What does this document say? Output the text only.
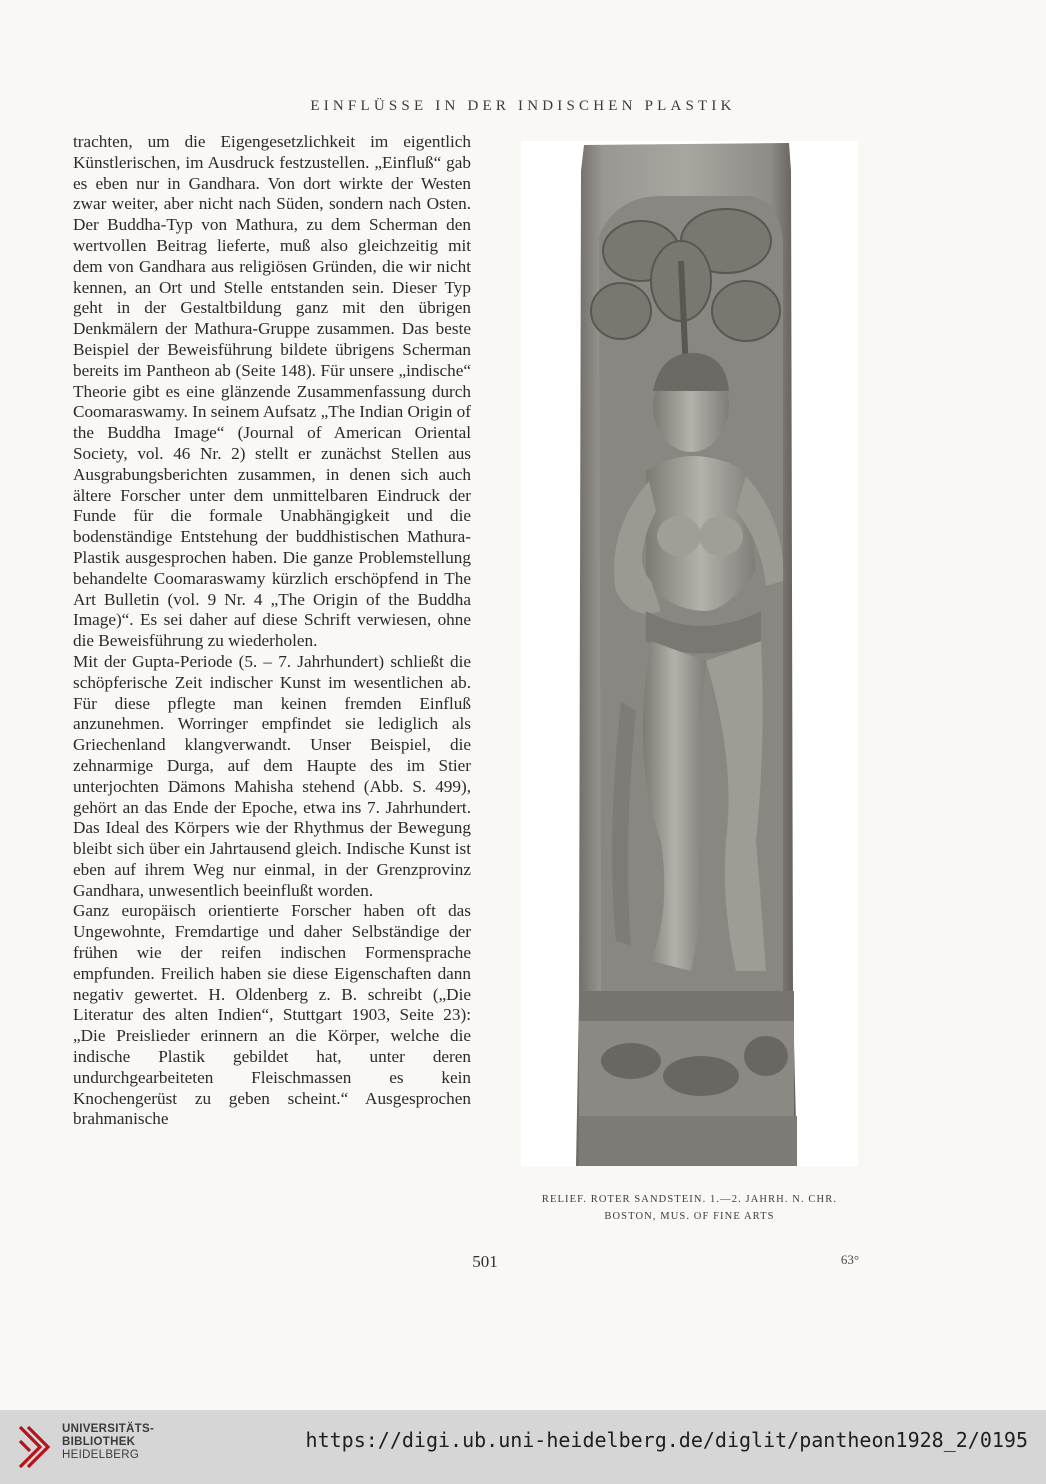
EINFLÜSSE IN DER INDISCHEN PLASTIK

trachten, um die Eigengesetzlichkeit im eigentlich Künstlerischen, im Ausdruck festzustellen. „Einfluß“ gab es eben nur in Gandhara. Von dort wirkte der Westen zwar weiter, aber nicht nach Süden, sondern nach Osten. Der Buddha-Typ von Mathura, zu dem Scherman den wertvollen Beitrag lieferte, muß also gleichzeitig mit dem von Gandhara aus religiösen Gründen, die wir nicht kennen, an Ort und Stelle entstanden sein. Dieser Typ geht in der Gestaltbildung ganz mit den übrigen Denkmälern der Mathura-Gruppe zusammen. Das beste Beispiel der Beweisführung bildete übrigens Scherman bereits im Pantheon ab (Seite 148). Für unsere „indische“ Theorie gibt es eine glänzende Zusammenfassung durch Coomaraswamy. In seinem Aufsatz „The Indian Origin of the Buddha Image“ (Journal of American Oriental Society, vol. 46 Nr. 2) stellt er zunächst Stellen aus Ausgrabungsberichten zusammen, in denen sich auch ältere Forscher unter dem unmittelbaren Eindruck der Funde für die formale Unabhängigkeit und die bodenständige Entstehung der buddhistischen Mathura-Plastik ausgesprochen haben. Die ganze Problemstellung behandelte Coomaraswamy kürzlich erschöpfend in The Art Bulletin (vol. 9 Nr. 4 „The Origin of the Buddha Image)“. Es sei daher auf diese Schrift verwiesen, ohne die Beweisführung zu wiederholen.

Mit der Gupta-Periode (5. – 7. Jahrhundert) schließt die schöpferische Zeit indischer Kunst im wesentlichen ab. Für diese pflegte man keinen fremden Einfluß anzunehmen. Worringer empfindet sie lediglich als Griechenland klangverwandt. Unser Beispiel, die zehnarmige Durga, auf dem Haupte des im Stier unterjochten Dämons Mahisha stehend (Abb. S. 499), gehört an das Ende der Epoche, etwa ins 7. Jahrhundert. Das Ideal des Körpers wie der Rhythmus der Bewegung bleibt sich über ein Jahrtausend gleich. Indische Kunst ist eben auf ihrem Weg nur einmal, in der Grenzprovinz Gandhara, unwesentlich beeinflußt worden.

Ganz europäisch orientierte Forscher haben oft das Ungewohnte, Fremdartige und daher Selbständige der frühen wie der reifen indischen Formensprache empfunden. Freilich haben sie diese Eigenschaften dann negativ gewertet. H. Oldenberg z. B. schreibt („Die Literatur des alten Indien“, Stuttgart 1903, Seite 23): „Die Preislieder erinnern an die Körper, welche die indische Plastik gebildet hat, unter deren undurchgearbeiteten Fleischmassen es kein Knochengerüst zu geben scheint.“ Ausgesprochen brahmanische

RELIEF. ROTER SANDSTEIN. 1.—2. JAHRH. N. CHR.
BOSTON, MUS. OF FINE ARTS
501	63°
UNIVERSITÄTS-
BIBLIOTHEK
HEIDELBERG
https://digi.ub.uni-heidelberg.de/diglit/pantheon1928_2/0195
